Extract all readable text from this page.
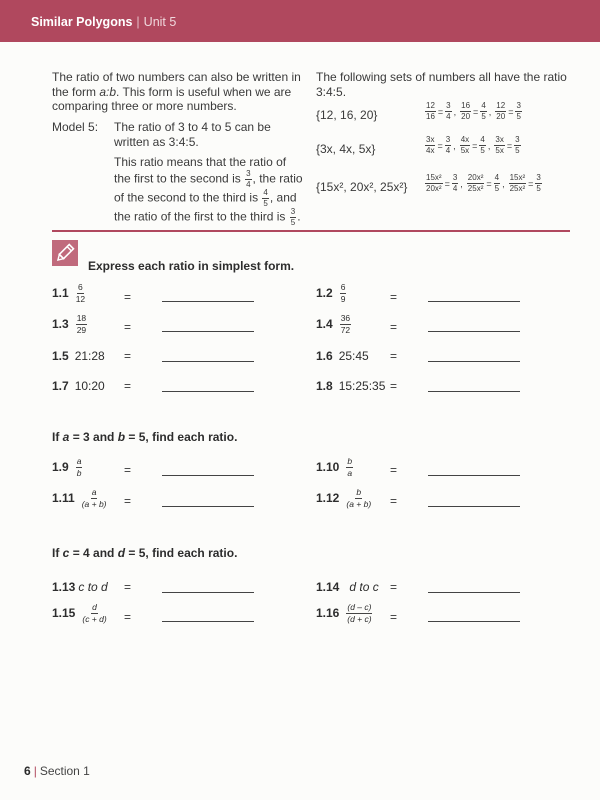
Similar Polygons | Unit 5
The ratio of two numbers can also be written in the form a:b. This form is useful when we are comparing three or more numbers.
Model 5: The ratio of 3 to 4 to 5 can be written as 3:4:5.

This ratio means that the ratio of the first to the second is $\frac{3}{4}$ , the ratio of the second to the third is $\frac{4}{5}$ , and the ratio of the first to the third is $\frac{3}{5}$ .

The following sets of numbers all have the ratio 3:4:5.
{12, 16, 20}	$\frac{12}{16} = \frac{3}{4}$ , $\frac{16}{20} = \frac{4}{5}$ , $\frac{12}{20} = \frac{3}{5}$
{3x, 4x, 5x}	$\frac{3x}{4x} = \frac{3}{4}$ , $\frac{4x}{5x} = \frac{4}{5}$ , $\frac{3x}{5x} = \frac{3}{5}$
{15x², 20x², $25x^2\} \frac{\text{15x²}}{\text{20x²}} = \frac{3}{4}$ , $\frac{\text{20x²}}{\text{25x²}} = \frac{4}{5}$ , $\frac{\text{15x²}}{\text{25x²}} = \frac{3}{5}$
Express each ratio in simplest form.
$1.1 \frac{6}{12}$	=	$1.2 \frac{6}{9}$	=
$1.3 \frac{18}{29}$	=	$1.4 \frac{36}{72}$	=
1.5 21:28 =	1.6 25:45 =
1.7 10:20 =	1.8 15:25:35 =
If a = 3 and b = 5, find each ratio.
$1.9 \frac{a}{b}$	=	$1.10 \frac{b}{a}$	=
$1.11 \frac{a}{(a + b)}$ =	$1.12 \frac{b}{(a + b)}$ =
If c = 4 and d = 5, find each ratio.
1.13 c to d =	1.14 d to c =
$1.15 \frac{d}{(c + d)}$ =	$1.16 \frac{(d - c)}{(d + c)}$ =
6 | Section 1
